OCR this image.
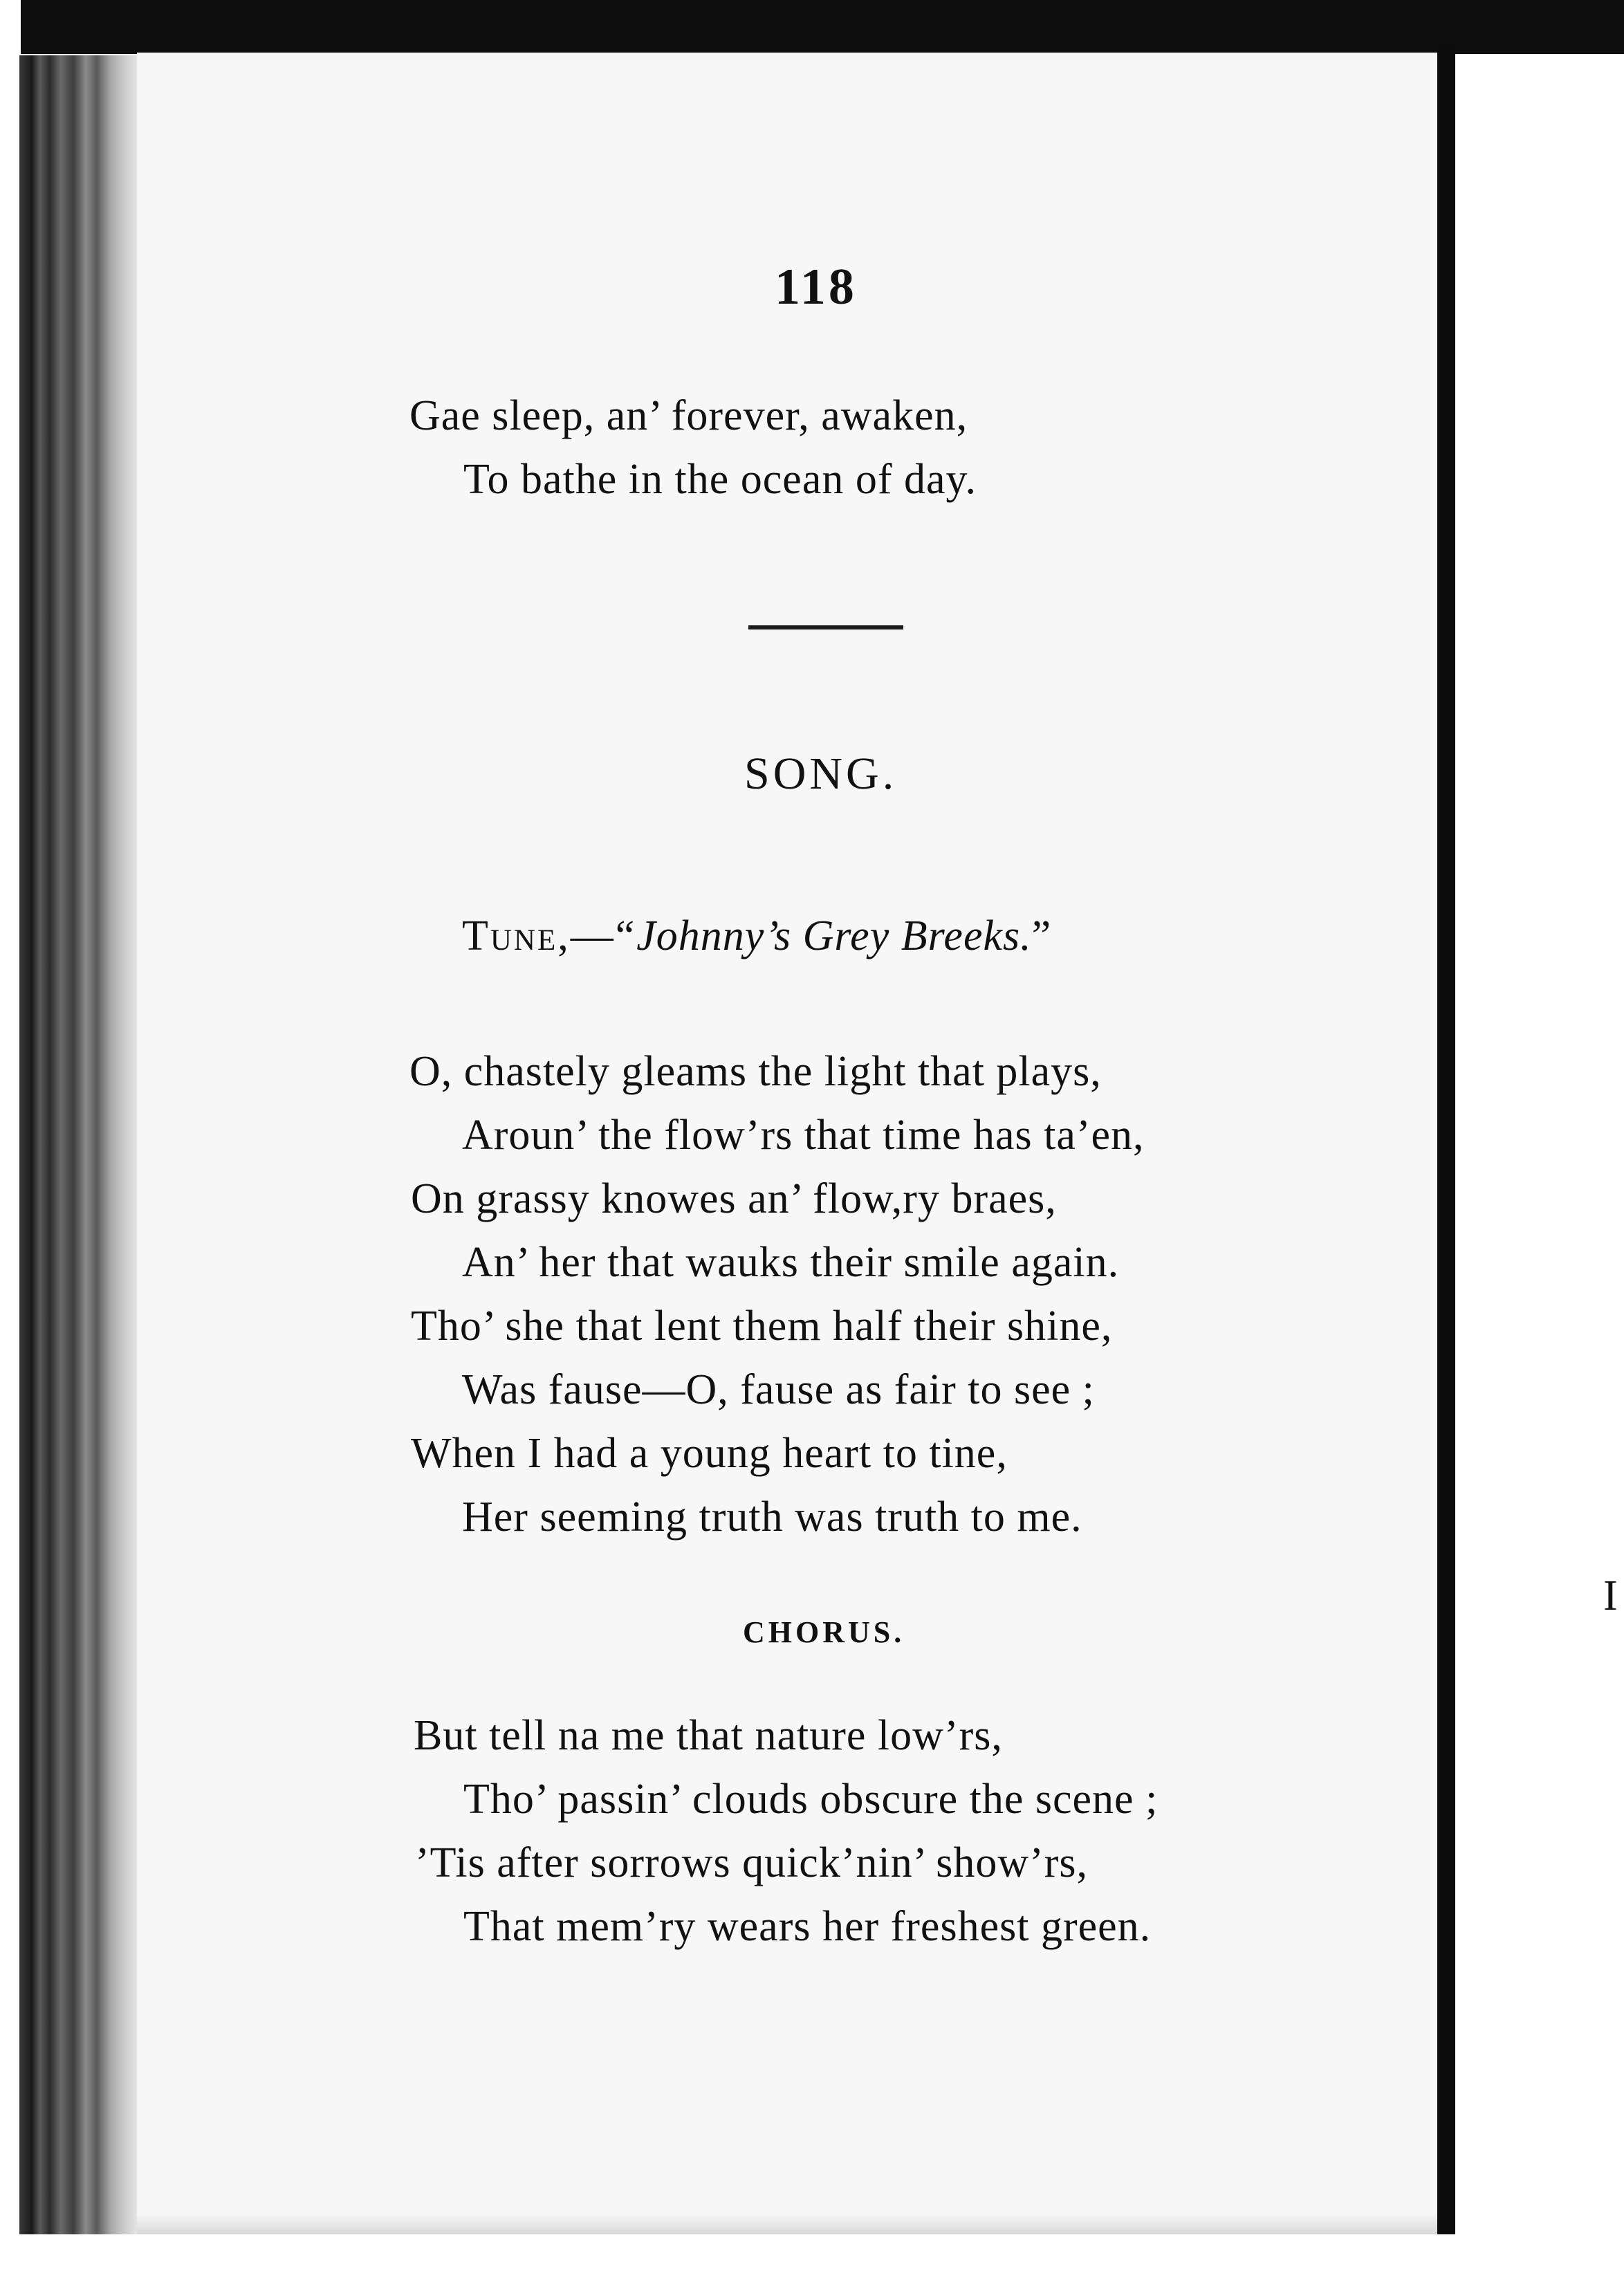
I
118
Gae sleep, an’ forever, awaken,
To bathe in the ocean of day.
SONG.
Tune,—“Johnny’s Grey Breeks.”
O, chastely gleams the light that plays,
Aroun’ the flow’rs that time has ta’en,
On grassy knowes an’ flow,ry braes,
An’ her that wauks their smile again.
Tho’ she that lent them half their shine,
Was fause—O, fause as fair to see ;
When I had a young heart to tine,
Her seeming truth was truth to me.
CHORUS.
But tell na me that nature low’rs,
Tho’ passin’ clouds obscure the scene ;
’Tis after sorrows quick’nin’ show’rs,
That mem’ry wears her freshest green.
